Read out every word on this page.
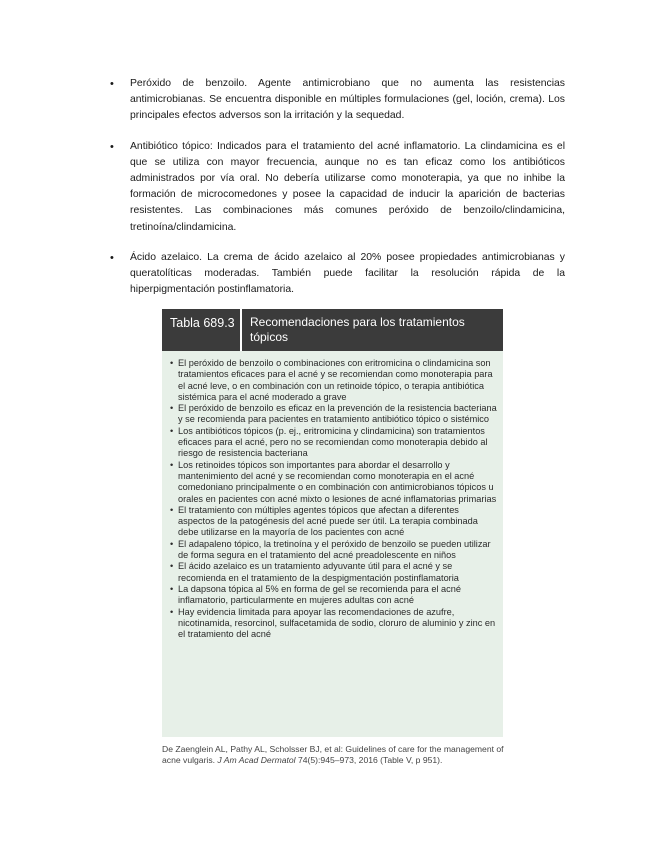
• Peróxido de benzoilo. Agente antimicrobiano que no aumenta las resistencias antimicrobianas. Se encuentra disponible en múltiples formulaciones (gel, loción, crema). Los principales efectos adversos son la irritación y la sequedad.
• Antibiótico tópico: Indicados para el tratamiento del acné inflamatorio. La clindamicina es el que se utiliza con mayor frecuencia, aunque no es tan eficaz como los antibióticos administrados por vía oral. No debería utilizarse como monoterapia, ya que no inhibe la formación de microcomedones y posee la capacidad de inducir la aparición de bacterias resistentes. Las combinaciones más comunes peróxido de benzoilo/clindamicina, tretinoína/clindamicina.
• Ácido azelaico. La crema de ácido azelaico al 20% posee propiedades antimicrobianas y queratolíticas moderadas. También puede facilitar la resolución rápida de la hiperpigmentación postinflamatoria.
Tabla 689.3	Recomendaciones para los tratamientos tópicos
• El peróxido de benzoilo o combinaciones con eritromicina o clindamicina son tratamientos eficaces para el acné y se recomiendan como monoterapia para el acné leve, o en combinación con un retinoide tópico, o terapia antibiótica sistémica para el acné moderado a grave
• El peróxido de benzoilo es eficaz en la prevención de la resistencia bacteriana y se recomienda para pacientes en tratamiento antibiótico tópico o sistémico
• Los antibióticos tópicos (p. ej., eritromicina y clindamicina) son tratamientos eficaces para el acné, pero no se recomiendan como monoterapia debido al riesgo de resistencia bacteriana
• Los retinoides tópicos son importantes para abordar el desarrollo y mantenimiento del acné y se recomiendan como monoterapia en el acné comedoniano principalmente o en combinación con antimicrobianos tópicos u orales en pacientes con acné mixto o lesiones de acné inflamatorias primarias
• El tratamiento con múltiples agentes tópicos que afectan a diferentes aspectos de la patogénesis del acné puede ser útil. La terapia combinada debe utilizarse en la mayoría de los pacientes con acné
• El adapaleno tópico, la tretinoína y el peróxido de benzoilo se pueden utilizar de forma segura en el tratamiento del acné preadolescente en niños
• El ácido azelaico es un tratamiento adyuvante útil para el acné y se recomienda en el tratamiento de la despigmentación postinflamatoria
• La dapsona tópica al 5% en forma de gel se recomienda para el acné inflamatorio, particularmente en mujeres adultas con acné
• Hay evidencia limitada para apoyar las recomendaciones de azufre, nicotinamida, resorcinol, sulfacetamida de sodio, cloruro de aluminio y zinc en el tratamiento del acné
De Zaenglein AL, Pathy AL, Scholsser BJ, et al: Guidelines of care for the management of acne vulgaris. J Am Acad Dermatol 74(5):945–973, 2016 (Table V, p 951).
